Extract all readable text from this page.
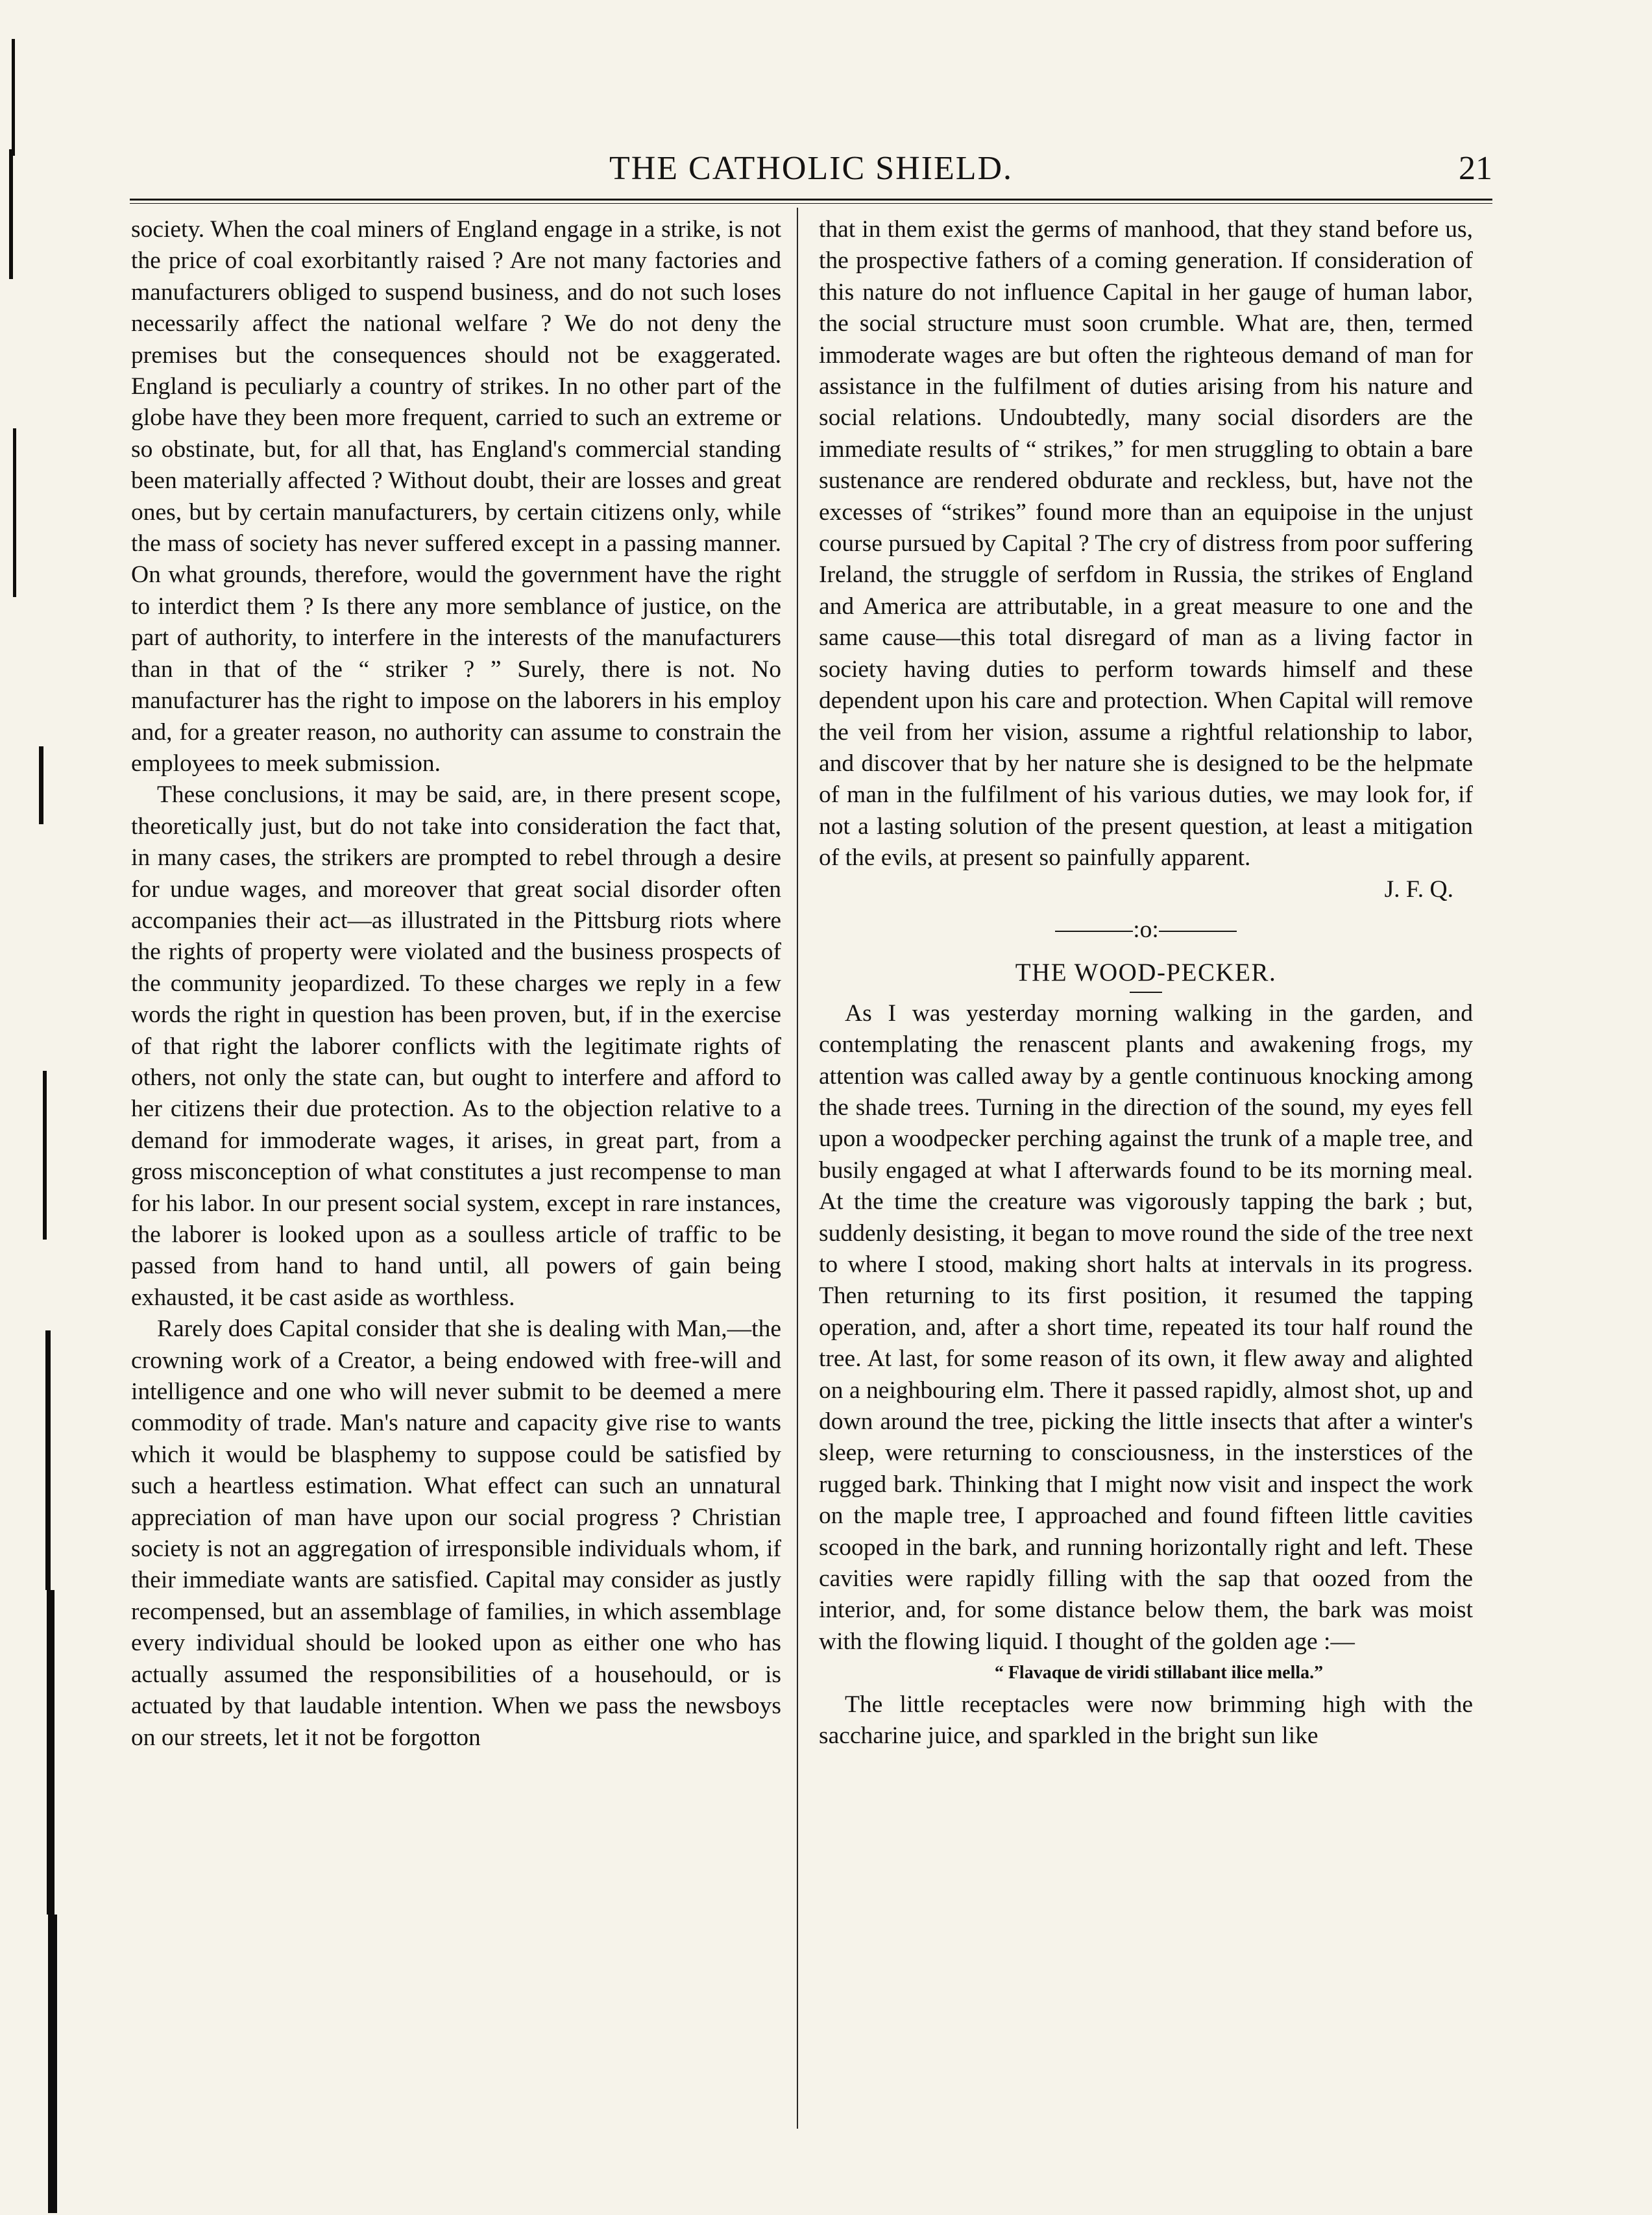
THE CATHOLIC SHIELD.	21

society. When the coal miners of England engage in a strike, is not the price of coal exorbitantly raised ? Are not many factories and manufacturers obliged to suspend business, and do not such loses necessarily affect the national welfare ? We do not deny the premises but the consequences should not be exaggerated. England is peculiarly a country of strikes. In no other part of the globe have they been more frequent, carried to such an extreme or so obstinate, but, for all that, has England's commercial standing been materially affected ? Without doubt, their are losses and great ones, but by certain manufacturers, by certain citizens only, while the mass of society has never suffered except in a passing manner. On what grounds, therefore, would the government have the right to interdict them ? Is there any more semblance of justice, on the part of authority, to interfere in the interests of the manufacturers than in that of the “ striker ? ” Surely, there is not. No manufacturer has the right to impose on the laborers in his employ and, for a greater reason, no authority can assume to constrain the employees to meek submission.

These conclusions, it may be said, are, in there present scope, theoretically just, but do not take into consideration the fact that, in many cases, the strikers are prompted to rebel through a desire for undue wages, and moreover that great social disorder often accompanies their act—as illustrated in the Pittsburg riots where the rights of property were violated and the business prospects of the community jeopardized. To these charges we reply in a few words the right in question has been proven, but, if in the exercise of that right the laborer conflicts with the legitimate rights of others, not only the state can, but ought to interfere and afford to her citizens their due protection. As to the objection relative to a demand for immoderate wages, it arises, in great part, from a gross misconception of what constitutes a just recompense to man for his labor. In our present social system, except in rare instances, the laborer is looked upon as a soulless article of traffic to be passed from hand to hand until, all powers of gain being exhausted, it be cast aside as worthless.

Rarely does Capital consider that she is dealing with Man,—the crowning work of a Creator, a being endowed with free-will and intelligence and one who will never submit to be deemed a mere commodity of trade. Man's nature and capacity give rise to wants which it would be blasphemy to suppose could be satisfied by such a heartless estimation. What effect can such an unnatural appreciation of man have upon our social progress ? Christian society is not an aggregation of irresponsible individuals whom, if their immediate wants are satisfied. Capital may consider as justly recompensed, but an assemblage of families, in which assemblage every individual should be looked upon as either one who has actually assumed the responsibilities of a househould, or is actuated by that laudable intention. When we pass the newsboys on our streets, let it not be forgotton

that in them exist the germs of manhood, that they stand before us, the prospective fathers of a coming generation. If consideration of this nature do not influence Capital in her gauge of human labor, the social structure must soon crumble. What are, then, termed immoderate wages are but often the righteous demand of man for assistance in the fulfilment of duties arising from his nature and social relations. Undoubtedly, many social disorders are the immediate results of “ strikes,” for men struggling to obtain a bare sustenance are rendered obdurate and reckless, but, have not the excesses of “strikes” found more than an equipoise in the unjust course pursued by Capital ? The cry of distress from poor suffering Ireland, the struggle of serfdom in Russia, the strikes of England and America are attributable, in a great measure to one and the same cause—this total disregard of man as a living factor in society having duties to perform towards himself and these dependent upon his care and protection. When Capital will remove the veil from her vision, assume a rightful relationship to labor, and discover that by her nature she is designed to be the helpmate of man in the fulfilment of his various duties, we may look for, if not a lasting solution of the present question, at least a mitigation of the evils, at present so painfully apparent.

J. F. Q.

:o:
THE WOOD-PECKER.

As I was yesterday morning walking in the garden, and contemplating the renascent plants and awakening frogs, my attention was called away by a gentle continuous knocking among the shade trees. Turning in the direction of the sound, my eyes fell upon a woodpecker perching against the trunk of a maple tree, and busily engaged at what I afterwards found to be its morning meal. At the time the creature was vigorously tapping the bark ; but, suddenly desisting, it began to move round the side of the tree next to where I stood, making short halts at intervals in its progress. Then returning to its first position, it resumed the tapping operation, and, after a short time, repeated its tour half round the tree. At last, for some reason of its own, it flew away and alighted on a neighbouring elm. There it passed rapidly, almost shot, up and down around the tree, picking the little insects that after a winter's sleep, were returning to consciousness, in the insterstices of the rugged bark. Thinking that I might now visit and inspect the work on the maple tree, I approached and found fifteen little cavities scooped in the bark, and running horizontally right and left. These cavities were rapidly filling with the sap that oozed from the interior, and, for some distance below them, the bark was moist with the flowing liquid. I thought of the golden age :—

“ Flavaque de viridi stillabant ilice mella.”

The little receptacles were now brimming high with the saccharine juice, and sparkled in the bright sun like
